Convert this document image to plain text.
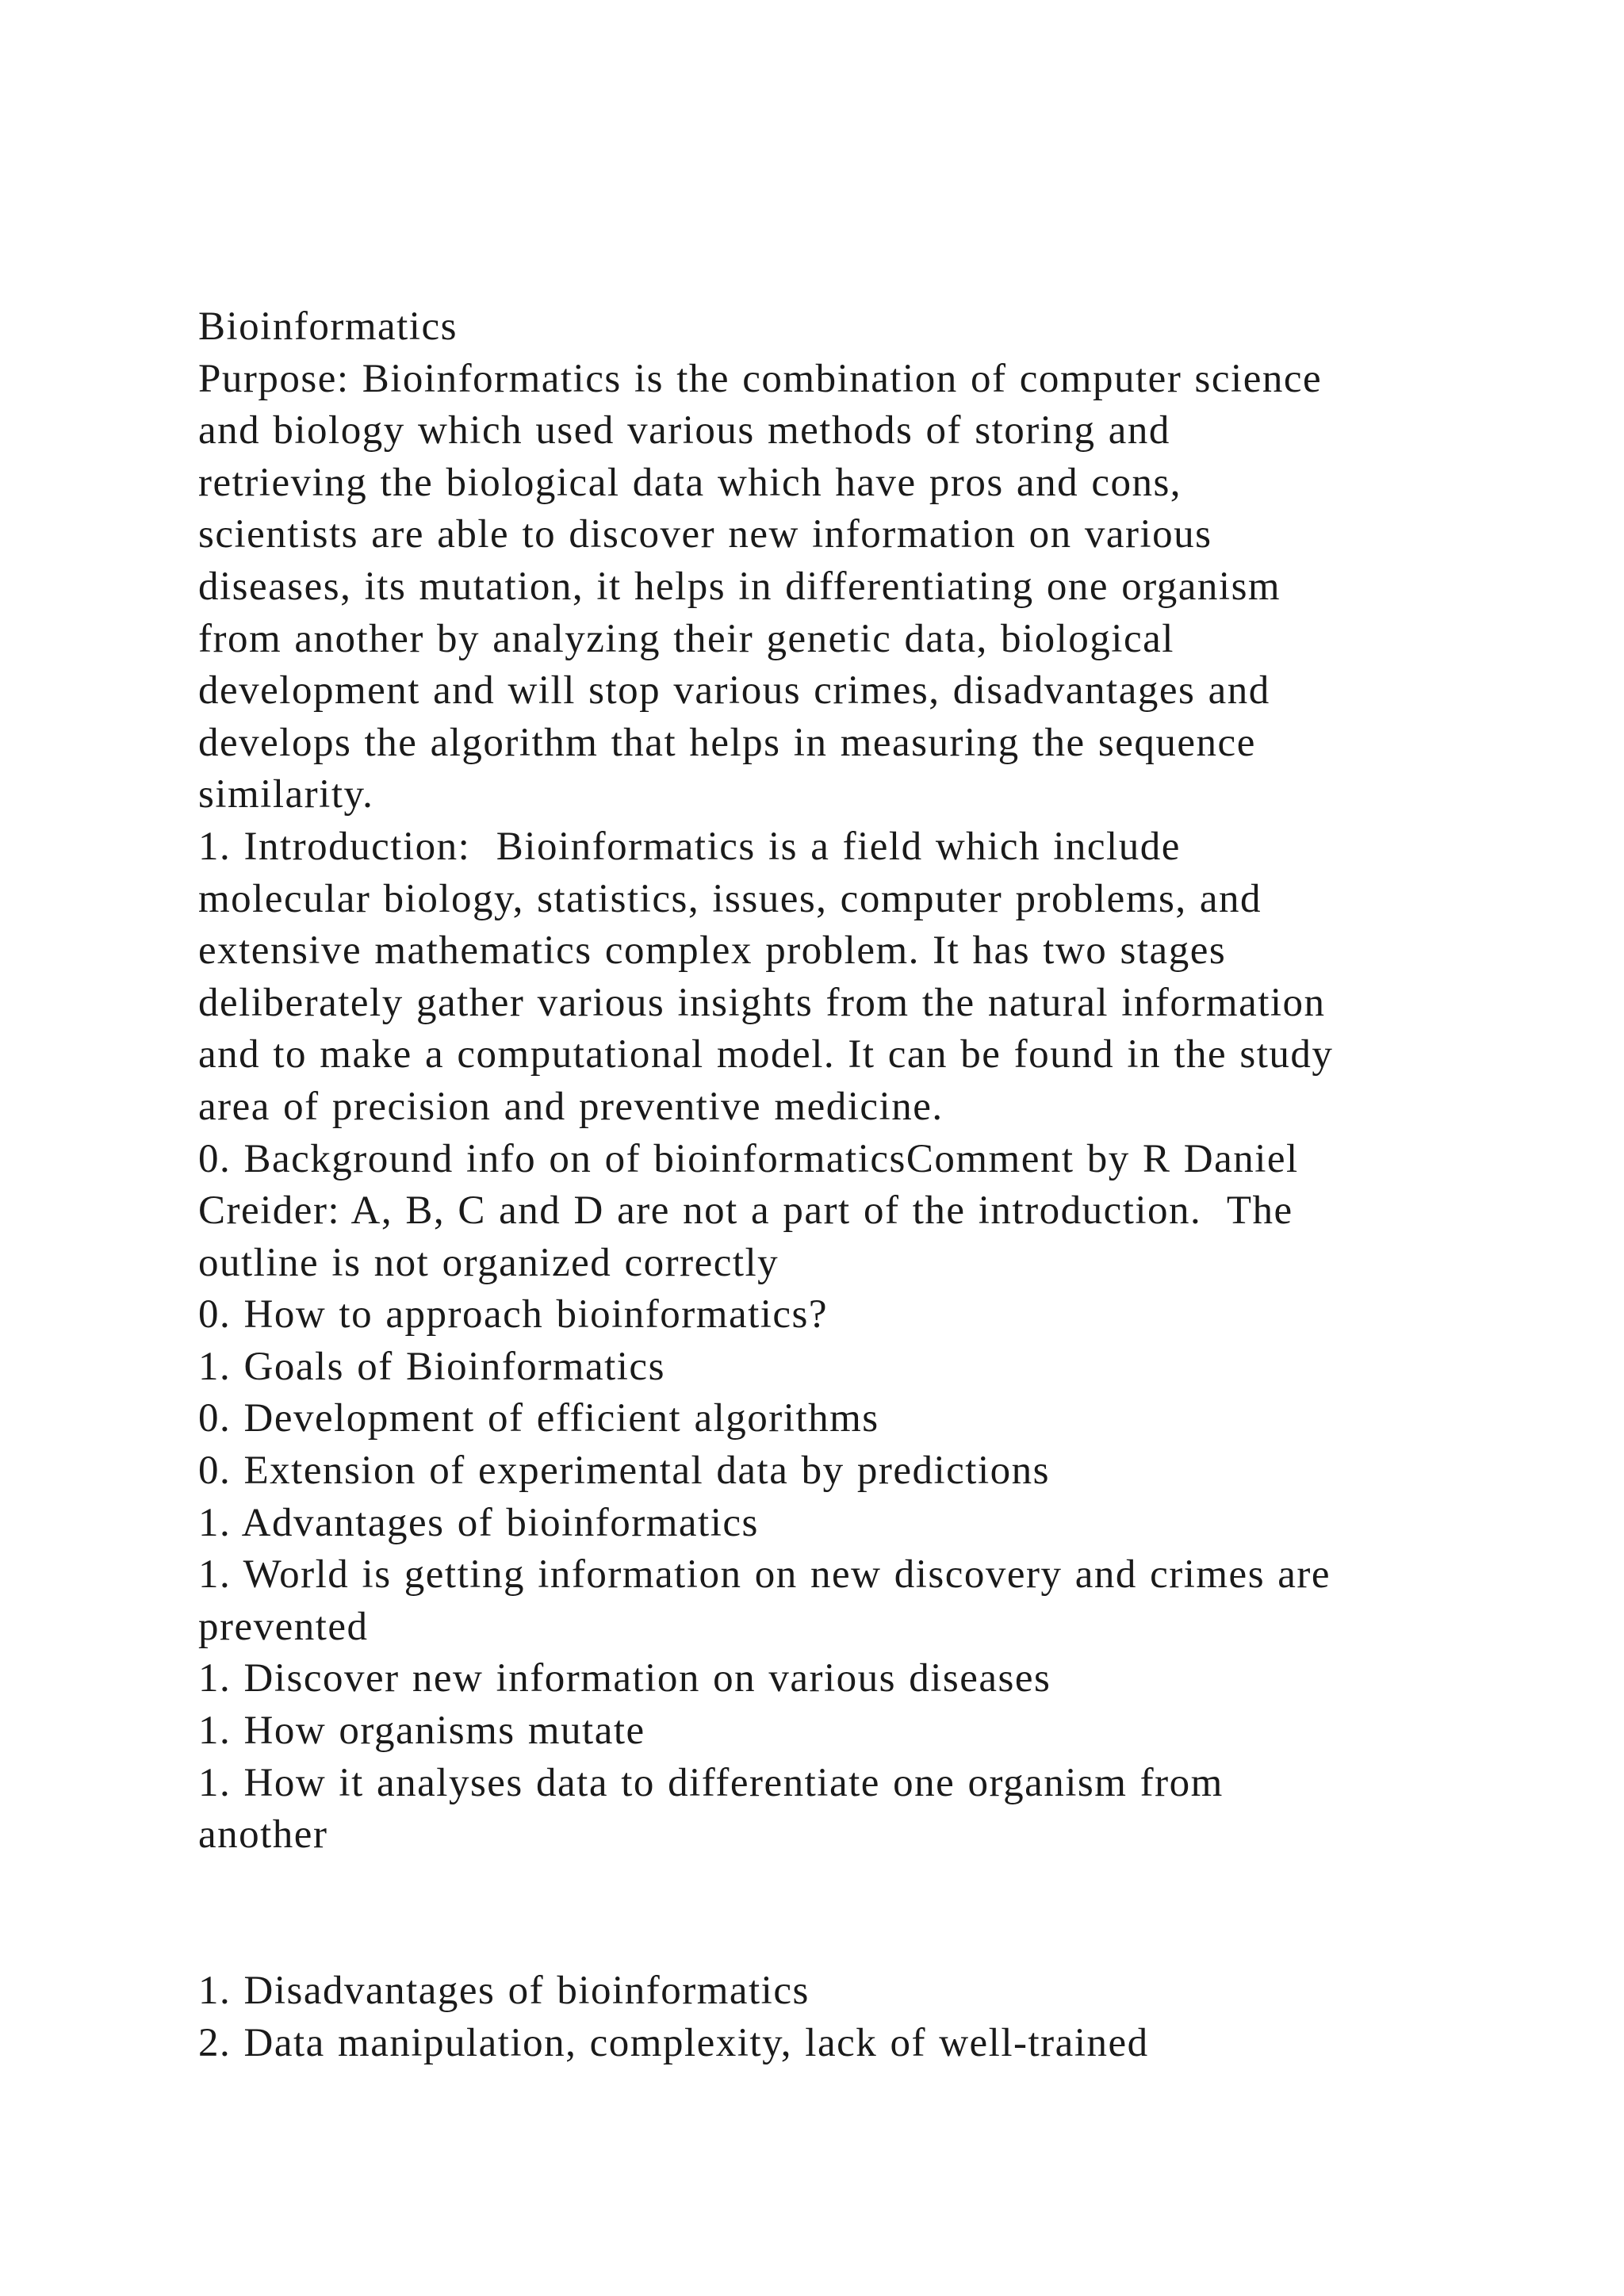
Bioinformatics
Purpose: Bioinformatics is the combination of computer science
and biology which used various methods of storing and
retrieving the biological data which have pros and cons,
scientists are able to discover new information on various
diseases, its mutation, it helps in differentiating one organism
from another by analyzing their genetic data, biological
development and will stop various crimes, disadvantages and
develops the algorithm that helps in measuring the sequence
similarity.
1. Introduction:  Bioinformatics is a field which include
molecular biology, statistics, issues, computer problems, and
extensive mathematics complex problem. It has two stages
deliberately gather various insights from the natural information
and to make a computational model. It can be found in the study
area of precision and preventive medicine.
0. Background info on of bioinformaticsComment by R Daniel
Creider: A, B, C and D are not a part of the introduction.  The
outline is not organized correctly
0. How to approach bioinformatics?
1. Goals of Bioinformatics
0. Development of efficient algorithms
0. Extension of experimental data by predictions
1. Advantages of bioinformatics
1. World is getting information on new discovery and crimes are
prevented
1. Discover new information on various diseases
1. How organisms mutate
1. How it analyses data to differentiate one organism from
another
1. Disadvantages of bioinformatics
2. Data manipulation, complexity, lack of well-trained
